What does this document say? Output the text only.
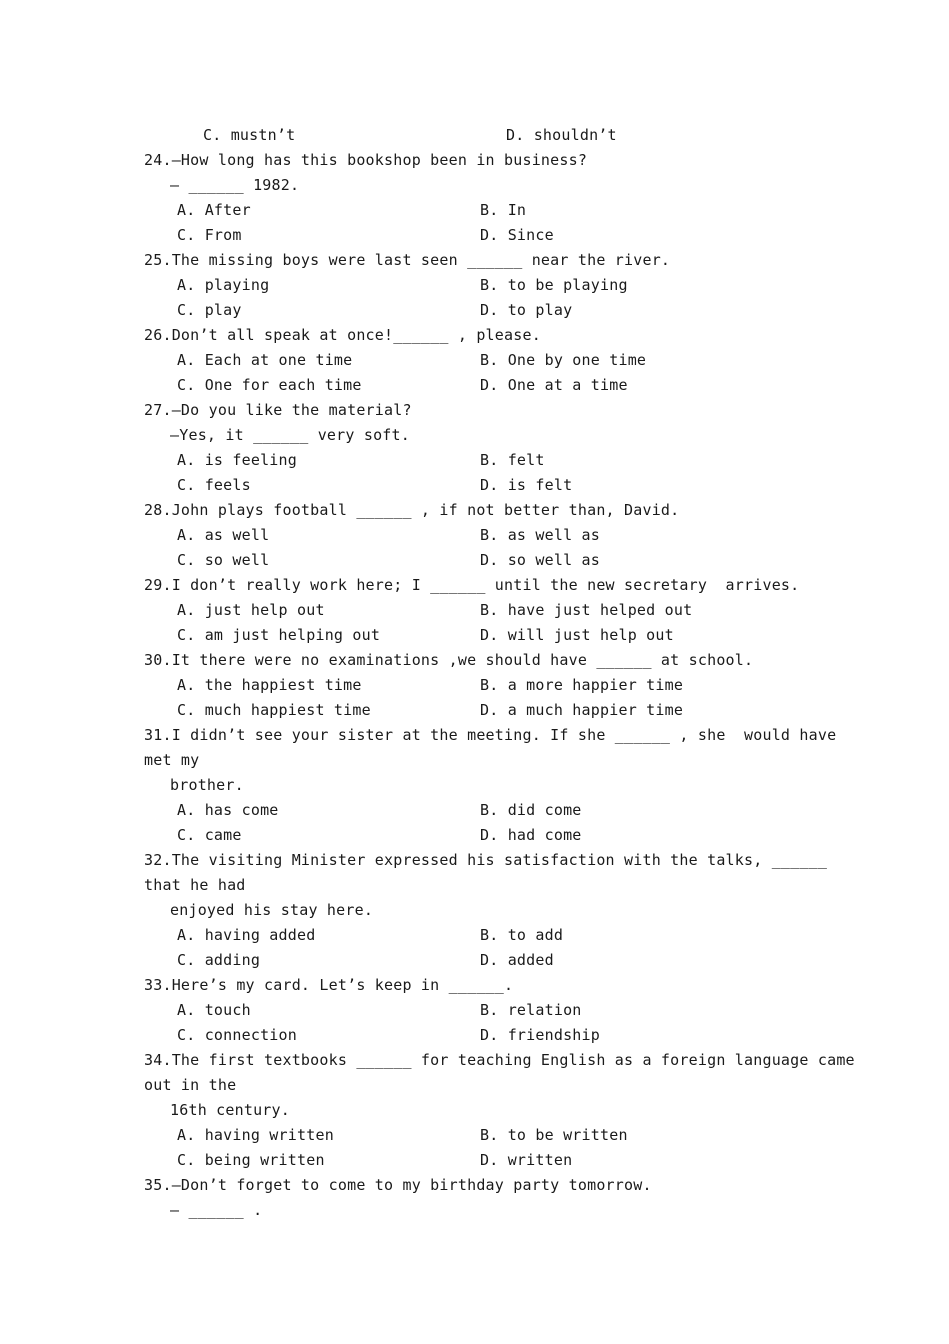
C. mustn’t	D. shouldn’t
24.—How long has this bookshop been in business?
— ______ 1982.
A. After	B. In
C. From	D. Since
25.The missing boys were last seen ______ near the river.
A. playing	B. to be playing
C. play	D. to play
26.Don’t all speak at once!______ , please.
A. Each at one time	B. One by one time
C. One for each time	D. One at a time
27.—Do you like the material?
—Yes, it ______ very soft.
A. is feeling	B. felt
C. feels	D. is felt
28.John plays football ______ , if not better than, David.
A. as well	B. as well as
C. so well	D. so well as
29.I don’t really work here; I ______ until the new secretary  arrives.
A. just help out	B. have just helped out
C. am just helping out	D. will just help out
30.It there were no examinations ,we should have ______ at school.
A. the happiest time	B. a more happier time
C. much happiest time	D. a much happier time
31.I didn’t see your sister at the meeting. If she ______ , she  would have
met my
brother.
A. has come	B. did come
C. came	D. had come
32.The visiting Minister expressed his satisfaction with the talks, ______
that he had
enjoyed his stay here.
A. having added	B. to add
C. adding	D. added
33.Here’s my card. Let’s keep in ______.
A. touch	B. relation
C. connection	D. friendship
34.The first textbooks ______ for teaching English as a foreign language came
out in the
16th century.
A. having written	B. to be written
C. being written	D. written
35.—Don’t forget to come to my birthday party tomorrow.
— ______ .
